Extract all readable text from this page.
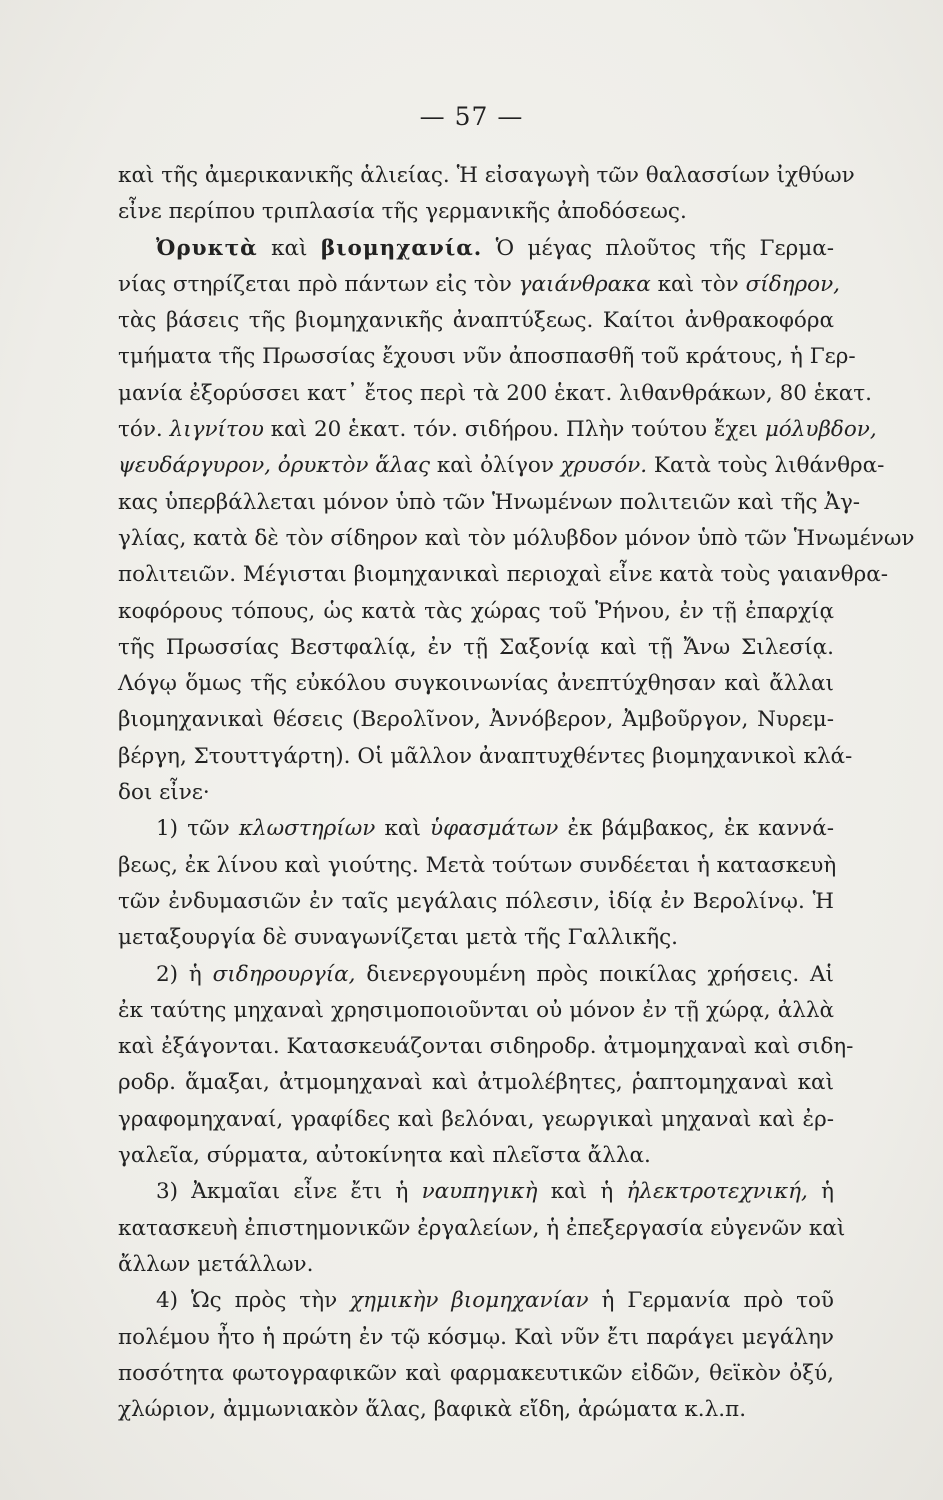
— 57 —
καὶ τῆς ἀμερικανικῆς ἁλιείας. Ἡ εἰσαγωγὴ τῶν θαλασσίων ἰχθύων
εἶνε περίπου τριπλασία τῆς γερμανικῆς ἀποδόσεως.
Ὀρυκτὰ καὶ βιομηχανία. Ὁ μέγας πλοῦτος τῆς Γερμα-
νίας στηρίζεται πρὸ πάντων εἰς τὸν γαιάνθρακα καὶ τὸν σίδηρον,
τὰς βάσεις τῆς βιομηχανικῆς ἀναπτύξεως. Καίτοι ἀνθρακοφόρα
τμήματα τῆς Πρωσσίας ἔχουσι νῦν ἀποσπασθῆ τοῦ κράτους, ἡ Γερ-
μανία ἐξορύσσει κατ᾽ ἔτος περὶ τὰ 200 ἑκατ. λιθανθράκων, 80 ἑκατ.
τόν. λιγνίτου καὶ 20 ἑκατ. τόν. σιδήρου. Πλὴν τούτου ἔχει μόλυβδον,
ψευδάργυρον, ὀρυκτὸν ἅλας καὶ ὀλίγον χρυσόν. Κατὰ τοὺς λιθάνθρα-
κας ὑπερβάλλεται μόνον ὑπὸ τῶν Ἡνωμένων πολιτειῶν καὶ τῆς Ἀγ-
γλίας, κατὰ δὲ τὸν σίδηρον καὶ τὸν μόλυβδον μόνον ὑπὸ τῶν Ἡνωμένων
πολιτειῶν. Μέγισται βιομηχανικαὶ περιοχαὶ εἶνε κατὰ τοὺς γαιανθρα-
κοφόρους τόπους, ὡς κατὰ τὰς χώρας τοῦ Ῥήνου, ἐν τῇ ἐπαρχίᾳ
τῆς Πρωσσίας Βεστφαλίᾳ, ἐν τῇ Σαξονίᾳ καὶ τῇ Ἄνω Σιλεσίᾳ.
Λόγῳ ὅμως τῆς εὐκόλου συγκοινωνίας ἀνεπτύχθησαν καὶ ἄλλαι
βιομηχανικαὶ θέσεις (Βερολῖνον, Ἀννόβερον, Ἀμβοῦργον, Νυρεμ-
βέργη, Στουττγάρτη). Οἱ μᾶλλον ἀναπτυχθέντες βιομηχανικοὶ κλά-
δοι εἶνε·
1) τῶν κλωστηρίων καὶ ὑφασμάτων ἐκ βάμβακος, ἐκ καννά-
βεως, ἐκ λίνου καὶ γιούτης. Μετὰ τούτων συνδέεται ἡ κατασκευὴ
τῶν ἐνδυμασιῶν ἐν ταῖς μεγάλαις πόλεσιν, ἰδίᾳ ἐν Βερολίνῳ. Ἡ
μεταξουργία δὲ συναγωνίζεται μετὰ τῆς Γαλλικῆς.
2) ἡ σιδηρουργία, διενεργουμένη πρὸς ποικίλας χρήσεις. Αἱ
ἐκ ταύτης μηχαναὶ χρησιμοποιοῦνται οὐ μόνον ἐν τῇ χώρᾳ, ἀλλὰ
καὶ ἐξάγονται. Κατασκευάζονται σιδηροδρ. ἀτμομηχαναὶ καὶ σιδη-
ροδρ. ἅμαξαι, ἀτμομηχαναὶ καὶ ἀτμολέβητες, ῥαπτομηχαναὶ καὶ
γραφομηχαναί, γραφίδες καὶ βελόναι, γεωργικαὶ μηχαναὶ καὶ ἐρ-
γαλεῖα, σύρματα, αὐτοκίνητα καὶ πλεῖστα ἄλλα.
3) Ἀκμαῖαι εἶνε ἔτι ἡ ναυπηγικὴ καὶ ἡ ἠλεκτροτεχνική, ἡ
κατασκευὴ ἐπιστημονικῶν ἐργαλείων, ἡ ἐπεξεργασία εὐγενῶν καὶ
ἄλλων μετάλλων.
4) Ὡς πρὸς τὴν χημικὴν βιομηχανίαν ἡ Γερμανία πρὸ τοῦ
πολέμου ἦτο ἡ πρώτη ἐν τῷ κόσμῳ. Καὶ νῦν ἔτι παράγει μεγάλην
ποσότητα φωτογραφικῶν καὶ φαρμακευτικῶν εἰδῶν, θεϊκὸν ὀξύ,
χλώριον, ἀμμωνιακὸν ἅλας, βαφικὰ εἴδη, ἀρώματα κ.λ.π.
